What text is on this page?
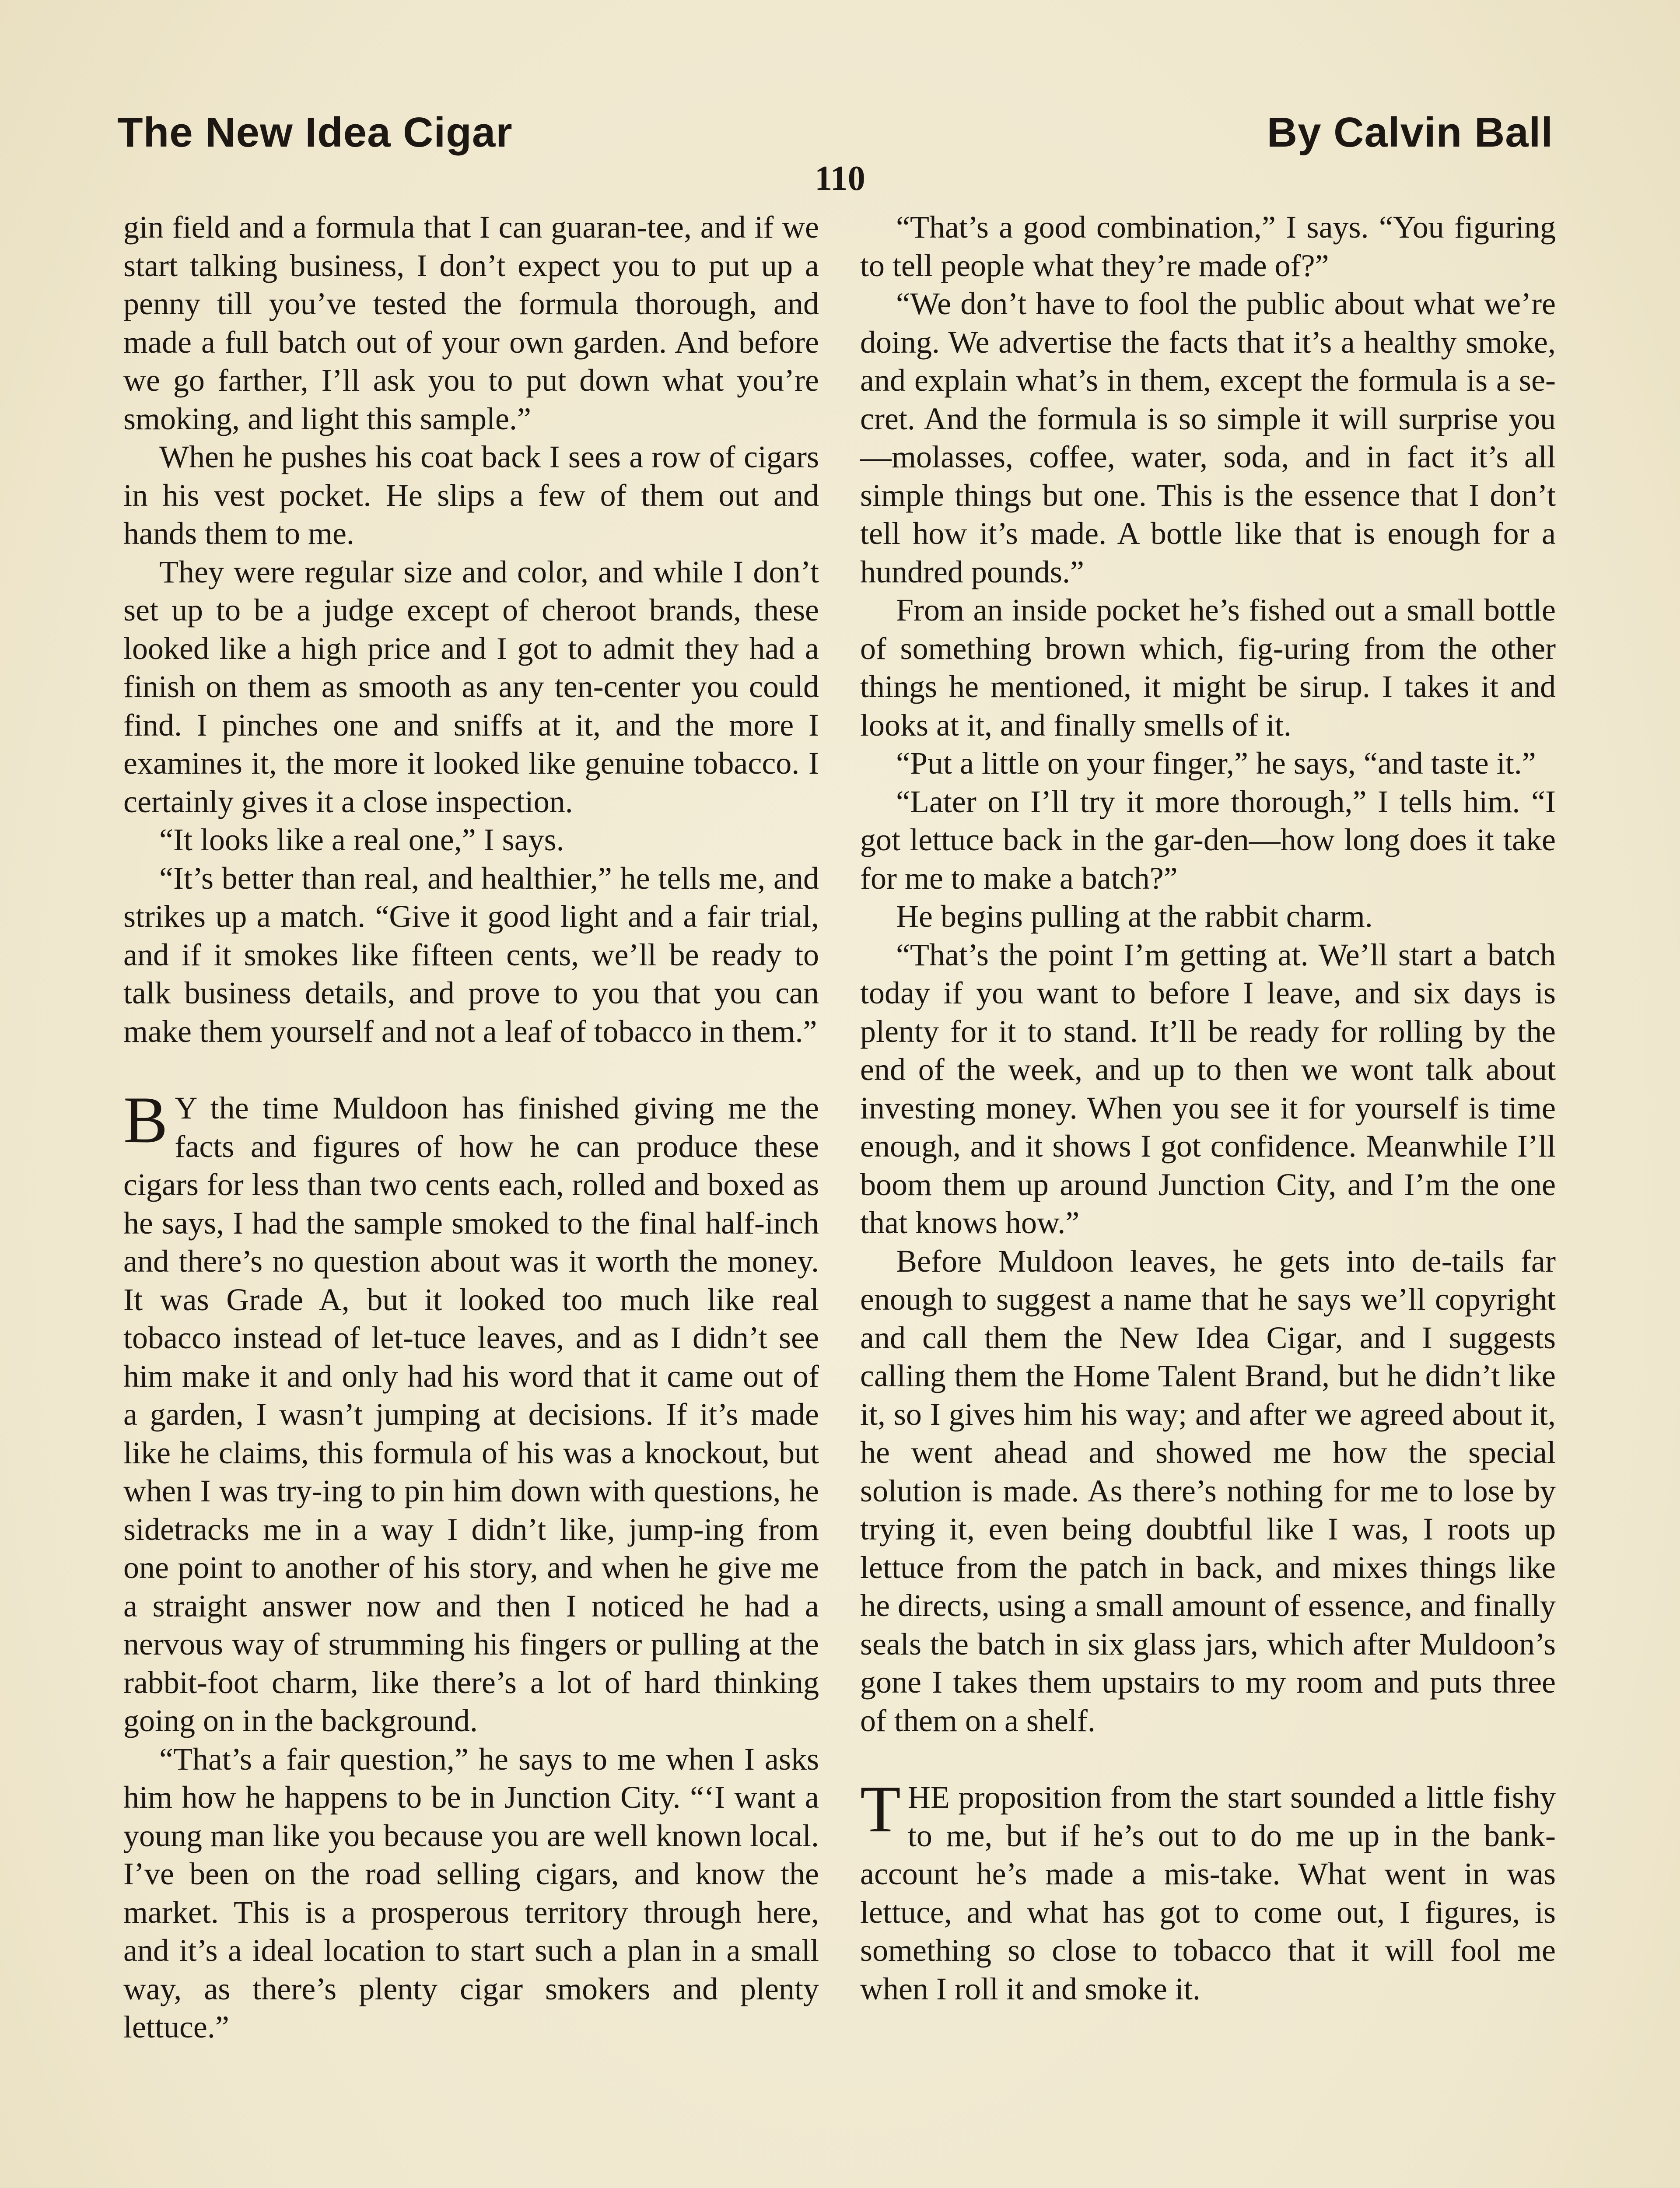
The New Idea Cigar	By Calvin Ball
110

gin field and a formula that I can guaran-tee, and if we start talking business, I don’t expect you to put up a penny till you’ve tested the formula thorough, and made a full batch out of your own garden. And before we go farther, I’ll ask you to put down what you’re smoking, and light this sample.”

When he pushes his coat back I sees a row of cigars in his vest pocket. He slips a few of them out and hands them to me.

They were regular size and color, and while I don’t set up to be a judge except of cheroot brands, these looked like a high price and I got to admit they had a finish on them as smooth as any ten-center you could find. I pinches one and sniffs at it, and the more I examines it, the more it looked like genuine tobacco. I certainly gives it a close inspection.

“It looks like a real one,” I says.

“It’s better than real, and healthier,” he tells me, and strikes up a match. “Give it good light and a fair trial, and if it smokes like fifteen cents, we’ll be ready to talk business details, and prove to you that you can make them yourself and not a leaf of tobacco in them.”

B Y the time Muldoon has finished giving me the facts and figures of how he can produce these cigars for less than two cents each, rolled and boxed as he says, I had the sample smoked to the final half-inch and there’s no question about was it worth the money. It was Grade A, but it looked too much like real tobacco instead of let-tuce leaves, and as I didn’t see him make it and only had his word that it came out of a garden, I wasn’t jumping at decisions. If it’s made like he claims, this formula of his was a knockout, but when I was try-ing to pin him down with questions, he sidetracks me in a way I didn’t like, jump-ing from one point to another of his story, and when he give me a straight answer now and then I noticed he had a nervous way of strumming his fingers or pulling at the rabbit-foot charm, like there’s a lot of hard thinking going on in the background.

“That’s a fair question,” he says to me when I asks him how he happens to be in Junction City. “‘I want a young man like you because you are well known local. I’ve been on the road selling cigars, and know the market. This is a prosperous territory through here, and it’s a ideal location to start such a plan in a small way, as there’s plenty cigar smokers and plenty lettuce.”

“That’s a good combination,” I says. “You figuring to tell people what they’re made of?”

“We don’t have to fool the public about what we’re doing. We advertise the facts that it’s a healthy smoke, and explain what’s in them, except the formula is a se-cret. And the formula is so simple it will surprise you—molasses, coffee, water, soda, and in fact it’s all simple things but one. This is the essence that I don’t tell how it’s made. A bottle like that is enough for a hundred pounds.”

From an inside pocket he’s fished out a small bottle of something brown which, fig-uring from the other things he mentioned, it might be sirup. I takes it and looks at it, and finally smells of it.

“Put a little on your finger,” he says, “and taste it.”

“Later on I’ll try it more thorough,” I tells him. “I got lettuce back in the gar-den—how long does it take for me to make a batch?”

He begins pulling at the rabbit charm.

“That’s the point I’m getting at. We’ll start a batch today if you want to before I leave, and six days is plenty for it to stand. It’ll be ready for rolling by the end of the week, and up to then we wont talk about investing money. When you see it for yourself is time enough, and it shows I got confidence. Meanwhile I’ll boom them up around Junction City, and I’m the one that knows how.”

Before Muldoon leaves, he gets into de-tails far enough to suggest a name that he says we’ll copyright and call them the New Idea Cigar, and I suggests calling them the Home Talent Brand, but he didn’t like it, so I gives him his way; and after we agreed about it, he went ahead and showed me how the special solution is made. As there’s nothing for me to lose by trying it, even being doubtful like I was, I roots up lettuce from the patch in back, and mixes things like he directs, using a small amount of essence, and finally seals the batch in six glass jars, which after Muldoon’s gone I takes them upstairs to my room and puts three of them on a shelf.

THE proposition from the start sounded a little fishy to me, but if he’s out to do me up in the bank-account he’s made a mis-take. What went in was lettuce, and what has got to come out, I figures, is something so close to tobacco that it will fool me when I roll it and smoke it.
